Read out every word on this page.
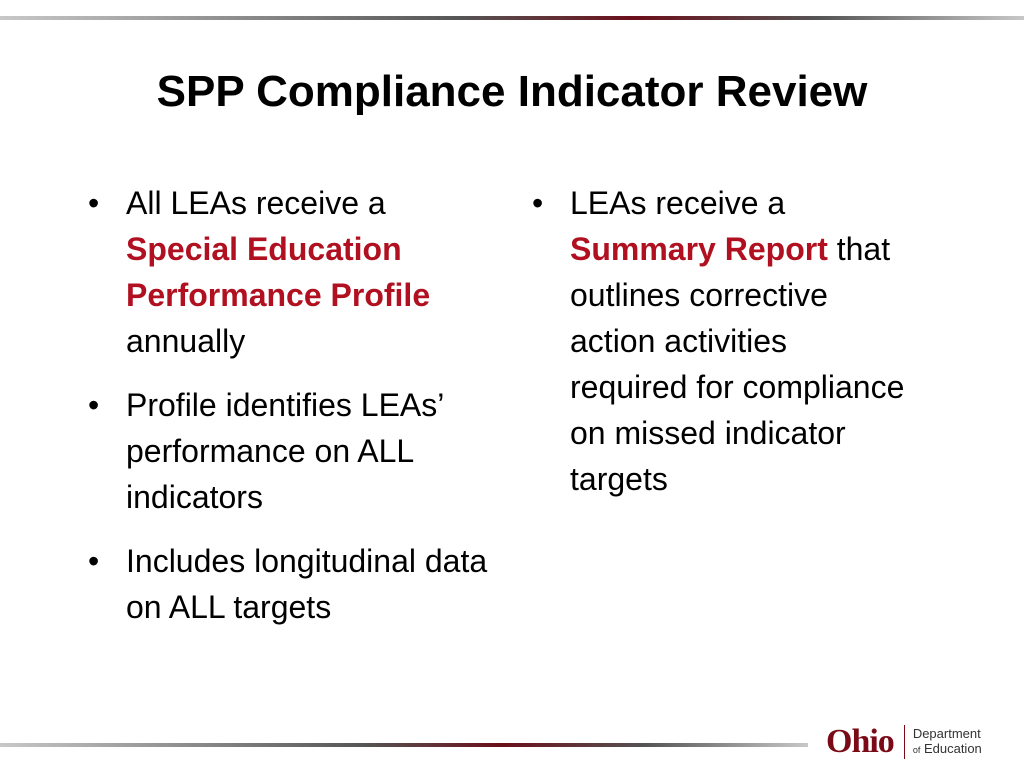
SPP Compliance Indicator Review
• All LEAs receive a Special Education Performance Profile annually
• Profile identifies LEAs’ performance on ALL indicators
• Includes longitudinal data on ALL targets
• LEAs receive a Summary Report that outlines corrective action activities required for compliance on missed indicator targets
Ohio Department
of Education
